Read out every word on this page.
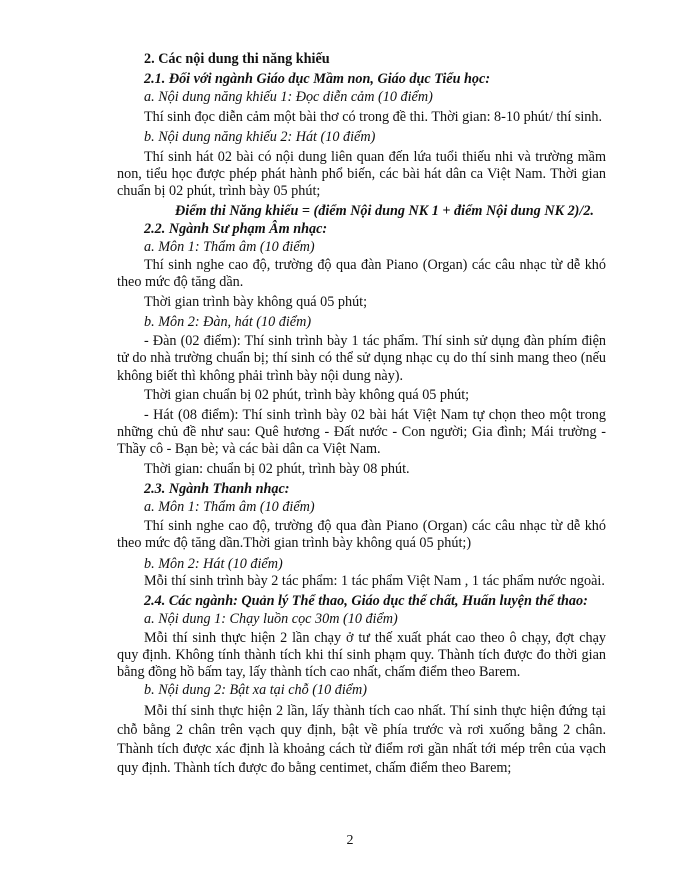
2. Các nội dung thi năng khiếu
2.1. Đối với ngành Giáo dục Mầm non, Giáo dục Tiểu học:
a. Nội dung năng khiếu 1: Đọc diễn cảm (10 điểm)
Thí sinh đọc diễn cảm một bài thơ có trong đề thi. Thời gian: 8-10 phút/ thí sinh.
b. Nội dung năng khiếu 2: Hát (10 điểm)
Thí sinh hát 02 bài có nội dung liên quan đến lứa tuổi thiếu nhi và trường mầm
non, tiểu học được phép phát hành phổ biến, các bài hát dân ca Việt Nam. Thời gian
chuẩn bị 02 phút, trình bày 05 phút;
Điểm thi Năng khiếu = (điểm Nội dung NK 1 + điểm Nội dung NK 2)/2.
2.2. Ngành Sư phạm Âm nhạc:
a. Môn 1: Thẩm âm (10 điểm)
Thí sinh nghe cao độ, trường độ qua đàn Piano (Organ) các câu nhạc từ dễ khó
theo mức độ tăng dần.
Thời gian trình bày không quá 05 phút;
b. Môn 2: Đàn, hát (10 điểm)
- Đàn (02 điểm): Thí sinh trình bày 1 tác phẩm. Thí sinh sử dụng đàn phím điện
tử do nhà trường chuẩn bị; thí sinh có thể sử dụng nhạc cụ do thí sinh mang theo (nếu
không biết thì không phải trình bày nội dung này).
Thời gian chuẩn bị 02 phút, trình bày không quá 05 phút;
- Hát (08 điểm): Thí sinh trình bày 02 bài hát Việt Nam tự chọn theo một trong
những chủ đề như sau: Quê hương - Đất nước - Con người; Gia đình; Mái trường -
Thầy cô - Bạn bè; và các bài dân ca Việt Nam.
Thời gian: chuẩn bị 02 phút, trình bày 08 phút.
2.3. Ngành Thanh nhạc:
a. Môn 1: Thẩm âm (10 điểm)
Thí sinh nghe cao độ, trường độ qua đàn Piano (Organ) các câu nhạc từ dễ khó
theo mức độ tăng dần.Thời gian trình bày không quá 05 phút;)
b. Môn 2: Hát (10 điểm)
Mỗi thí sinh trình bày 2 tác phẩm: 1 tác phẩm Việt Nam , 1 tác phẩm nước ngoài.
2.4. Các ngành: Quản lý Thể thao, Giáo dục thể chất, Huấn luyện thể thao:
a. Nội dung 1: Chạy luồn cọc 30m (10 điểm)
Mỗi thí sinh thực hiện 2 lần chạy ở tư thế xuất phát cao theo ô chạy, đợt chạy
quy định. Không tính thành tích khi thí sinh phạm quy. Thành tích được đo thời gian
bằng đồng hồ bấm tay, lấy thành tích cao nhất, chấm điểm theo Barem.
b. Nội dung 2: Bật xa tại chỗ (10 điểm)
2
Mỗi thí sinh thực hiện 2 lần, lấy thành tích cao nhất. Thí sinh thực hiện đứng tại
chỗ bằng 2 chân trên vạch quy định, bật về phía trước và rơi xuống bằng 2 chân.
Thành tích được xác định là khoảng cách từ điểm rơi gần nhất tới mép trên của vạch
quy định. Thành tích được đo bằng centimet, chấm điểm theo Barem;
